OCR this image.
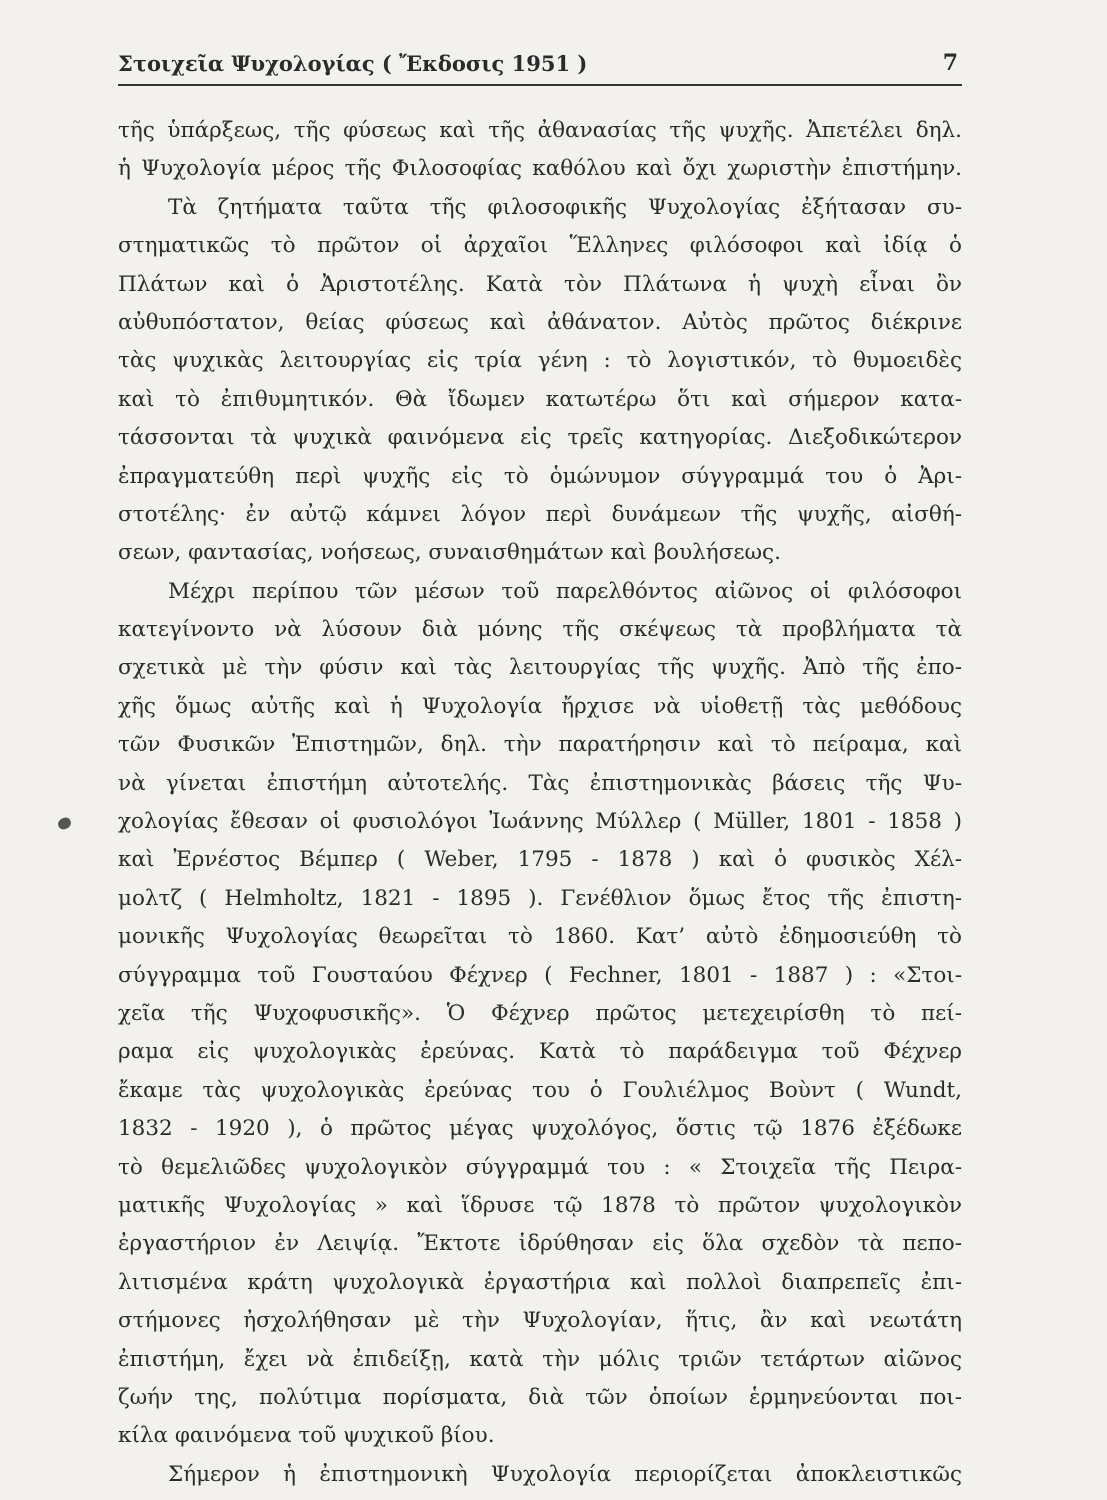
Στοιχεῖα Ψυχολογίας ( Ἔκδοσις 1951 )	7
τῆς ὑπάρξεως, τῆς φύσεως καὶ τῆς ἀθανασίας τῆς ψυχῆς. Ἀπετέλει δηλ.
ἡ Ψυχολογία μέρος τῆς Φιλοσοφίας καθόλου καὶ ὄχι χωριστὴν ἐπιστήμην.
Τὰ ζητήματα ταῦτα τῆς φιλοσοφικῆς Ψυχολογίας ἐξήτασαν συ-
στηματικῶς τὸ πρῶτον οἱ ἀρχαῖοι Ἕλληνες φιλόσοφοι καὶ ἰδίᾳ ὁ
Πλάτων καὶ ὁ Ἀριστοτέλης. Κατὰ τὸν Πλάτωνα ἡ ψυχὴ εἶναι ὂν
αὐθυπόστατον, θείας φύσεως καὶ ἀθάνατον. Αὐτὸς πρῶτος διέκρινε
τὰς ψυχικὰς λειτουργίας εἰς τρία γένη : τὸ λογιστικόν, τὸ θυμοειδὲς
καὶ τὸ ἐπιθυμητικόν. Θὰ ἴδωμεν κατωτέρω ὅτι καὶ σήμερον κατα-
τάσσονται τὰ ψυχικὰ φαινόμενα εἰς τρεῖς κατηγορίας. Διεξοδικώτερον
ἐπραγματεύθη περὶ ψυχῆς εἰς τὸ ὁμώνυμον σύγγραμμά του ὁ Ἀρι-
στοτέλης· ἐν αὐτῷ κάμνει λόγον περὶ δυνάμεων τῆς ψυχῆς, αἰσθή-
σεων, φαντασίας, νοήσεως, συναισθημάτων καὶ βουλήσεως.
Μέχρι περίπου τῶν μέσων τοῦ παρελθόντος αἰῶνος οἱ φιλόσοφοι
κατεγίνοντο νὰ λύσουν διὰ μόνης τῆς σκέψεως τὰ προβλήματα τὰ
σχετικὰ μὲ τὴν φύσιν καὶ τὰς λειτουργίας τῆς ψυχῆς. Ἀπὸ τῆς ἐπο-
χῆς ὅμως αὐτῆς καὶ ἡ Ψυχολογία ἤρχισε νὰ υἱοθετῇ τὰς μεθόδους
τῶν Φυσικῶν Ἐπιστημῶν, δηλ. τὴν παρατήρησιν καὶ τὸ πείραμα, καὶ
νὰ γίνεται ἐπιστήμη αὐτοτελής. Τὰς ἐπιστημονικὰς βάσεις τῆς Ψυ-
χολογίας ἔθεσαν οἱ φυσιολόγοι Ἰωάννης Μύλλερ ( Müller, 1801 - 1858 )
καὶ Ἐρνέστος Βέμπερ ( Weber, 1795 - 1878 ) καὶ ὁ φυσικὸς Χέλ-
μολτζ ( Helmholtz, 1821 - 1895 ). Γενέθλιον ὅμως ἔτος τῆς ἐπιστη-
μονικῆς Ψυχολογίας θεωρεῖται τὸ 1860. Κατ’ αὐτὸ ἐδημοσιεύθη τὸ
σύγγραμμα τοῦ Γουσταύου Φέχνερ ( Fechner, 1801 - 1887 ) : «Στοι-
χεῖα τῆς Ψυχοφυσικῆς». Ὁ Φέχνερ πρῶτος μετεχειρίσθη τὸ πεί-
ραμα εἰς ψυχολογικὰς ἐρεύνας. Κατὰ τὸ παράδειγμα τοῦ Φέχνερ
ἔκαμε τὰς ψυχολογικὰς ἐρεύνας του ὁ Γουλιέλμος Βοὺντ ( Wundt,
1832 - 1920 ), ὁ πρῶτος μέγας ψυχολόγος, ὅστις τῷ 1876 ἐξέδωκε
τὸ θεμελιῶδες ψυχολογικὸν σύγγραμμά του : « Στοιχεῖα τῆς Πειρα-
ματικῆς Ψυχολογίας » καὶ ἵδρυσε τῷ 1878 τὸ πρῶτον ψυχολογικὸν
ἐργαστήριον ἐν Λειψίᾳ. Ἔκτοτε ἱδρύθησαν εἰς ὅλα σχεδὸν τὰ πεπο-
λιτισμένα κράτη ψυχολογικὰ ἐργαστήρια καὶ πολλοὶ διαπρεπεῖς ἐπι-
στήμονες ἠσχολήθησαν μὲ τὴν Ψυχολογίαν, ἥτις, ἂν καὶ νεωτάτη
ἐπιστήμη, ἔχει νὰ ἐπιδείξῃ, κατὰ τὴν μόλις τριῶν τετάρτων αἰῶνος
ζωήν της, πολύτιμα πορίσματα, διὰ τῶν ὁποίων ἑρμηνεύονται ποι-
κίλα φαινόμενα τοῦ ψυχικοῦ βίου.
Σήμερον ἡ ἐπιστημονικὴ Ψυχολογία περιορίζεται ἀποκλειστικῶς
